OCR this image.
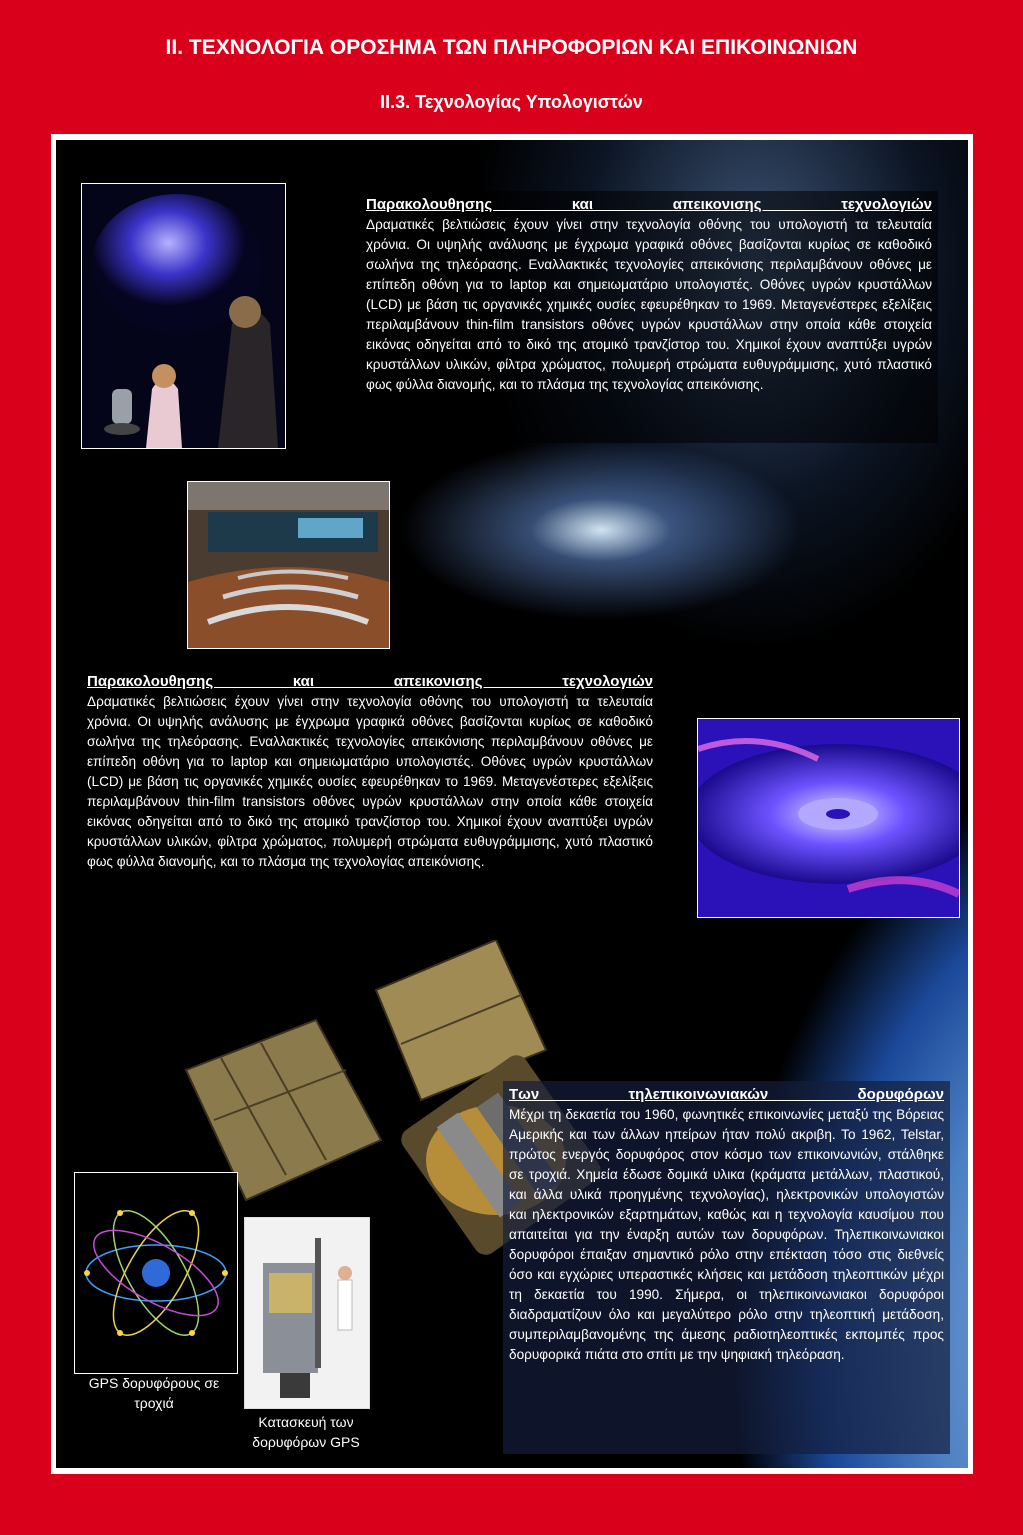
II. ΤΕΧΝΟΛΟΓΙΑ ΟΡΟΣΗΜΑ ΤΩΝ ΠΛΗΡΟΦΟΡΙΩΝ ΚΑΙ ΕΠΙΚΟΙΝΩΝΙΩΝ
II.3. Τεχνολογίας Υπολογιστών
Παρακολουθησης και απεικονισης τεχνολογιών
Δραματικές βελτιώσεις έχουν γίνει στην τεχνολογία οθόνης του υπολογιστή τα τελευταία χρόνια. Οι υψηλής ανάλυσης με έγχρωμα γραφικά οθόνες βασίζονται κυρίως σε καθοδικό σωλήνα της τηλεόρασης. Εναλλακτικές τεχνολογίες απεικόνισης περιλαμβάνουν οθόνες με επίπεδη οθόνη για το laptop και σημειωματάριο υπολογιστές. Οθόνες υγρών κρυστάλλων (LCD) με βάση τις οργανικές χημικές ουσίες εφευρέθηκαν το 1969. Μεταγενέστερες εξελίξεις περιλαμβάνουν thin-film transistors οθόνες υγρών κρυστάλλων στην οποία κάθε στοιχεία εικόνας οδηγείται από το δικό της ατομικό τρανζίστορ του. Χημικοί έχουν αναπτύξει υγρών κρυστάλλων υλικών, φίλτρα χρώματος, πολυμερή στρώματα ευθυγράμμισης, χυτό πλαστικό φως φύλλα διανομής, και το πλάσμα της τεχνολογίας απεικόνισης.
Παρακολουθησης και απεικονισης τεχνολογιών
Δραματικές βελτιώσεις έχουν γίνει στην τεχνολογία οθόνης του υπολογιστή τα τελευταία χρόνια. Οι υψηλής ανάλυσης με έγχρωμα γραφικά οθόνες βασίζονται κυρίως σε καθοδικό σωλήνα της τηλεόρασης. Εναλλακτικές τεχνολογίες απεικόνισης περιλαμβάνουν οθόνες με επίπεδη οθόνη για το laptop και σημειωματάριο υπολογιστές. Οθόνες υγρών κρυστάλλων (LCD) με βάση τις οργανικές χημικές ουσίες εφευρέθηκαν το 1969. Μεταγενέστερες εξελίξεις περιλαμβάνουν thin-film transistors οθόνες υγρών κρυστάλλων στην οποία κάθε στοιχεία εικόνας οδηγείται από το δικό της ατομικό τρανζίστορ του. Χημικοί έχουν αναπτύξει υγρών κρυστάλλων υλικών, φίλτρα χρώματος, πολυμερή στρώματα ευθυγράμμισης, χυτό πλαστικό φως φύλλα διανομής, και το πλάσμα της τεχνολογίας απεικόνισης.
Των τηλεπικοινωνιακών δορυφόρων
Μέχρι τη δεκαετία του 1960, φωνητικές επικοινωνίες μεταξύ της Βόρειας Αμερικής και των άλλων ηπείρων ήταν πολύ ακριβη. Το 1962, Telstar, πρώτος ενεργός δορυφόρος στον κόσμο των επικοινωνιών, στάλθηκε σε τροχιά. Χημεία έδωσε δομικά υλικα (κράματα μετάλλων, πλαστικού, και άλλα υλικά προηγμένης τεχνολογίας), ηλεκτρονικών υπολογιστών και ηλεκτρονικών εξαρτημάτων, καθώς και η τεχνολογία καυσίμου που απαιτείται για την έναρξη αυτών των δορυφόρων. Τηλεπικοινωνιακοι δορυφόροι έπαιξαν σημαντικό ρόλο στην επέκταση τόσο στις διεθνείς όσο και εγχώριες υπεραστικές κλήσεις και μετάδοση τηλεοπτικών μέχρι τη δεκαετία του 1990. Σήμερα, οι τηλεπικοινωνιακοι δορυφόροι διαδραματίζουν όλο και μεγαλύτερο ρόλο στην τηλεοπτική μετάδοση, συμπεριλαμβανομένης της άμεσης ραδιοτηλεοπτικές εκπομπές προς δορυφορικά πιάτα στο σπίτι με την ψηφιακή τηλεόραση.
GPS δορυφόρους σε τροχιά
Κατασκευή των δορυφόρων GPS
